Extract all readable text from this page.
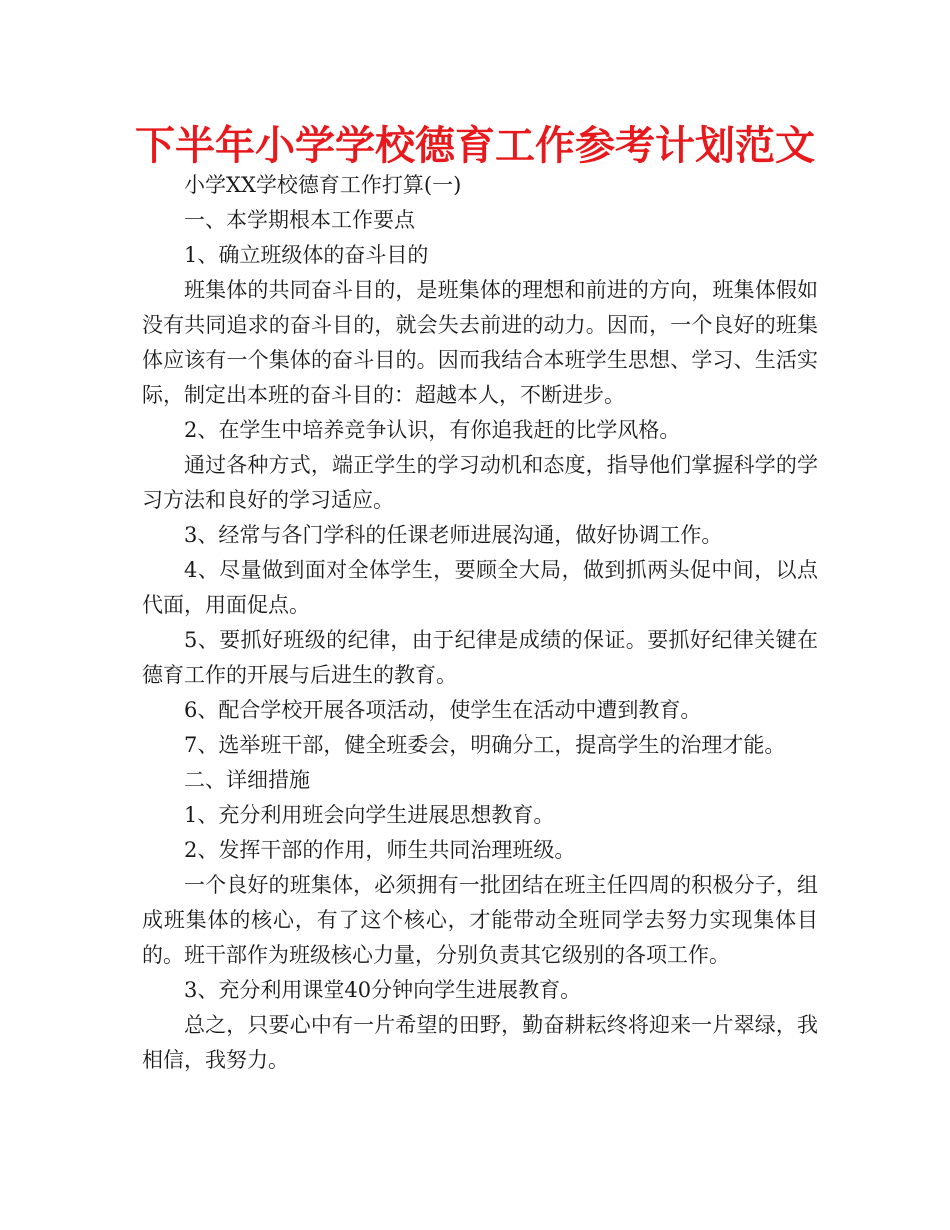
下半年小学学校德育工作参考计划范文

小学XX学校德育工作打算(一)

一、本学期根本工作要点

1、确立班级体的奋斗目的

班集体的共同奋斗目的，是班集体的理想和前进的方向，班集体假如没有共同追求的奋斗目的，就会失去前进的动力。因而，一个良好的班集体应该有一个集体的奋斗目的。因而我结合本班学生思想、学习、生活实际，制定出本班的奋斗目的：超越本人，不断进步。

2、在学生中培养竞争认识，有你追我赶的比学风格。

通过各种方式，端正学生的学习动机和态度，指导他们掌握科学的学习方法和良好的学习适应。

3、经常与各门学科的任课老师进展沟通，做好协调工作。

4、尽量做到面对全体学生，要顾全大局，做到抓两头促中间，以点代面，用面促点。

5、要抓好班级的纪律，由于纪律是成绩的保证。要抓好纪律关键在德育工作的开展与后进生的教育。

6、配合学校开展各项活动，使学生在活动中遭到教育。

7、选举班干部，健全班委会，明确分工，提高学生的治理才能。

二、详细措施

1、充分利用班会向学生进展思想教育。

2、发挥干部的作用，师生共同治理班级。

一个良好的班集体，必须拥有一批团结在班主任四周的积极分子，组成班集体的核心，有了这个核心，才能带动全班同学去努力实现集体目的。班干部作为班级核心力量，分别负责其它级别的各项工作。

3、充分利用课堂40分钟向学生进展教育。

总之，只要心中有一片希望的田野，勤奋耕耘终将迎来一片翠绿，我相信，我努力。
